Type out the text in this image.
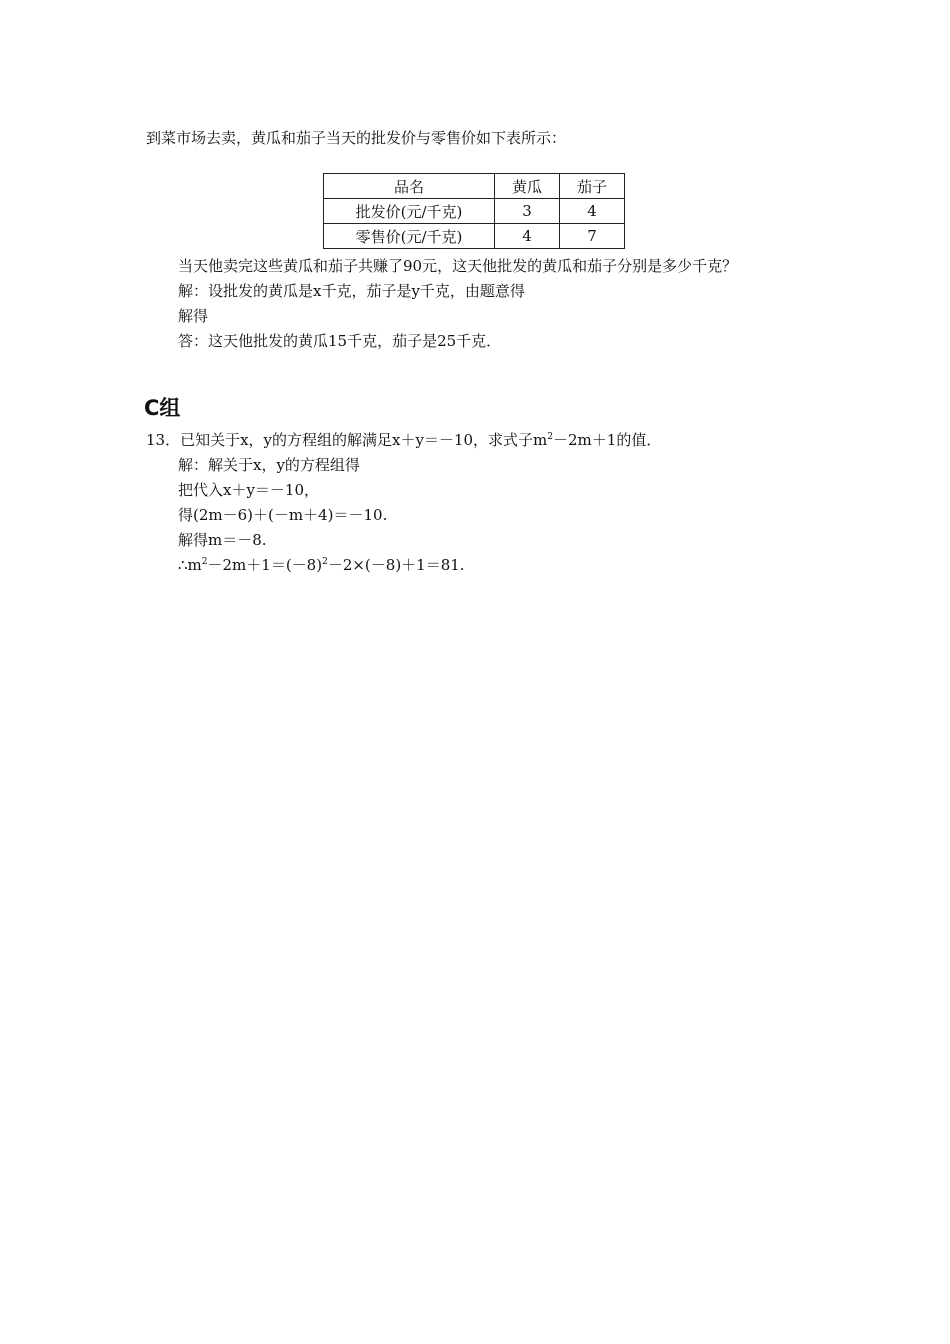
到菜市场去卖，黄瓜和茄子当天的批发价与零售价如下表所示：
品名	黄瓜	茄子
批发价(元/千克)	3	4
零售价(元/千克)	4	7
当天他卖完这些黄瓜和茄子共赚了90元，这天他批发的黄瓜和茄子分别是多少千克？
解：设批发的黄瓜是x千克，茄子是y千克，由题意得
解得
答：这天他批发的黄瓜15千克，茄子是25千克．
C组
13．已知关于x，y的方程组的解满足x＋y＝－10，求式子$m^2-2m+1$的值．
解：解关于x，y的方程组得
把代入x＋y＝－10，
得(2m－6)＋(－m＋4)＝－10.
解得m＝－8.
$\therefore m^2-2m+1=(-8)^2-2\times(-8)+1=81$.
